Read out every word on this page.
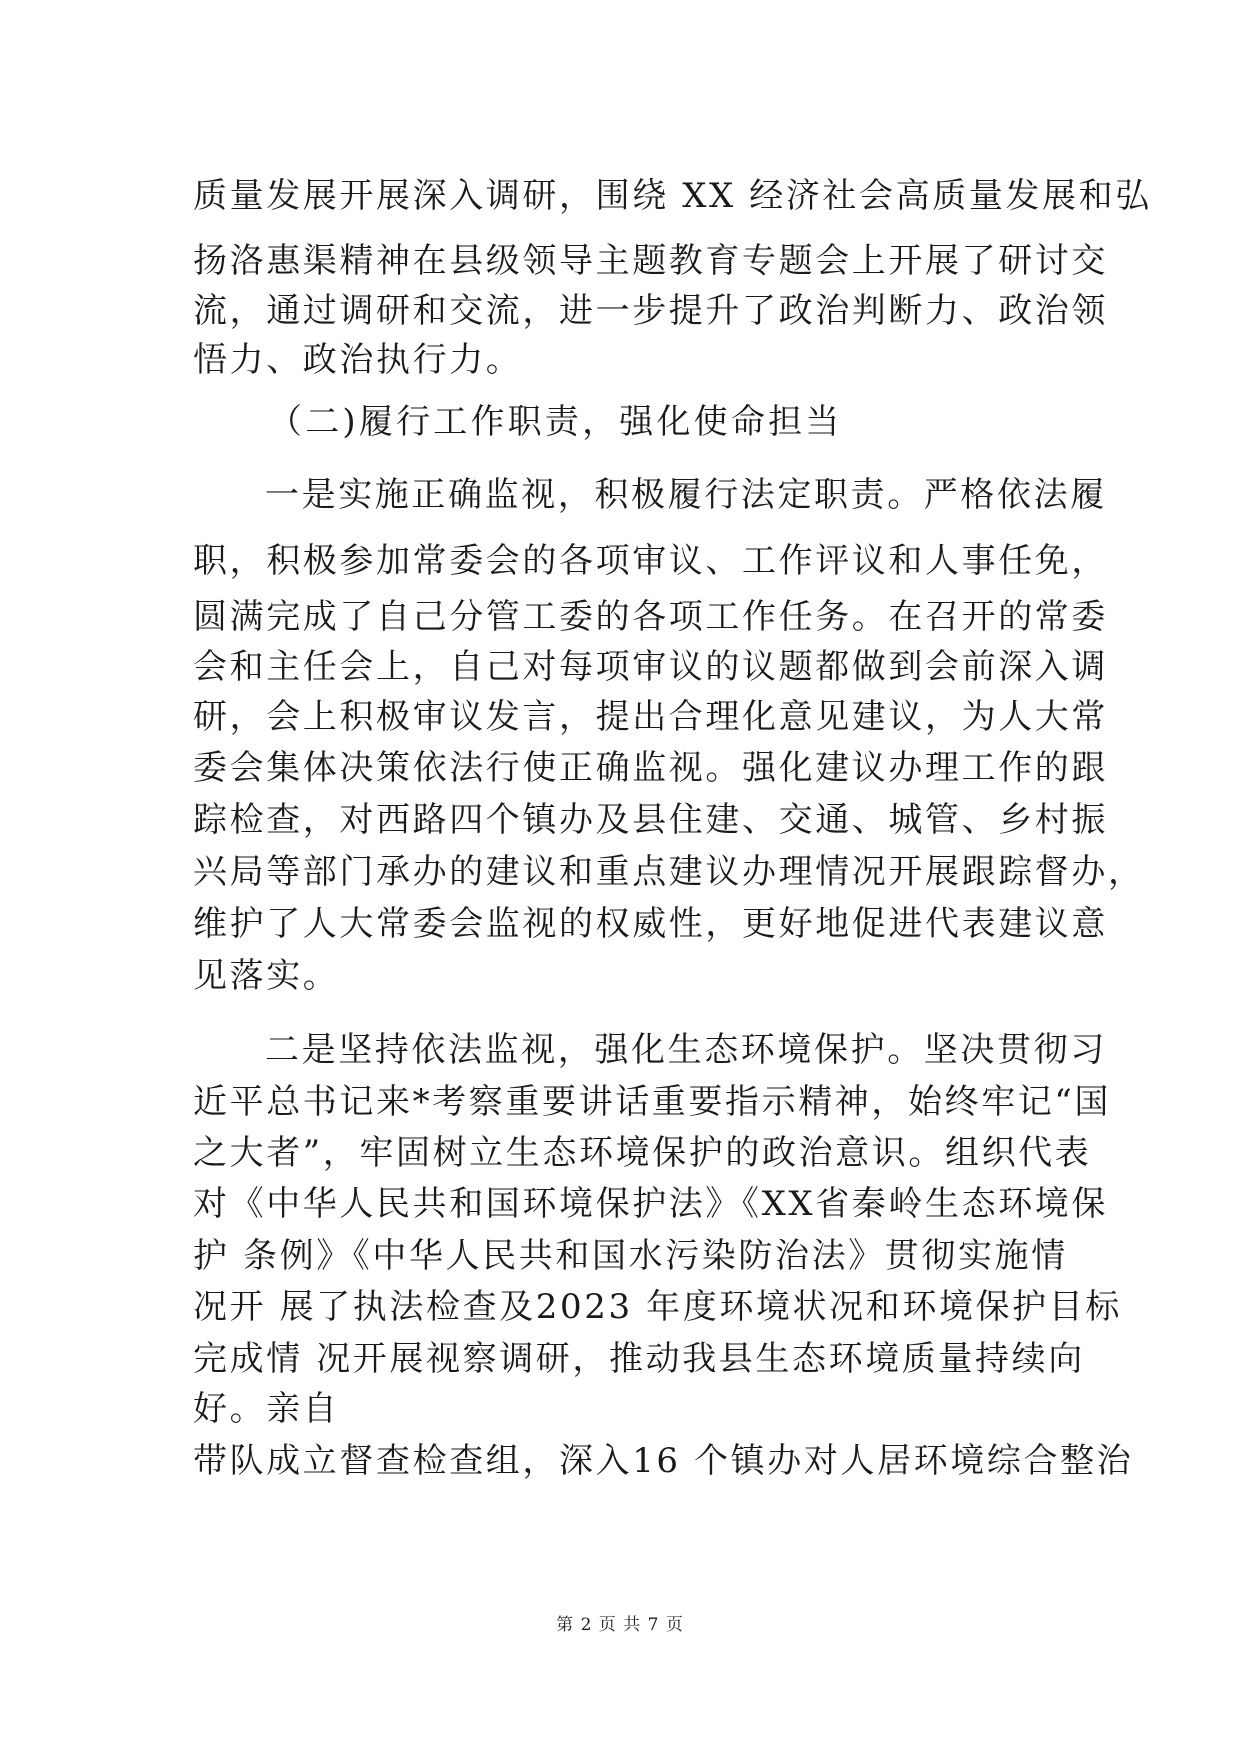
质量发展开展深入调研，围绕 XX 经济社会高质量发展和弘
扬洛惠渠精神在县级领导主题教育专题会上开展了研讨交
流，通过调研和交流，进一步提升了政治判断力、政治领
悟力、政治执行力。
（二)履行工作职责，强化使命担当
一是实施正确监视，积极履行法定职责。严格依法履
职，积极参加常委会的各项审议、工作评议和人事任免，
圆满完成了自己分管工委的各项工作任务。在召开的常委
会和主任会上，自己对每项审议的议题都做到会前深入调
研，会上积极审议发言，提出合理化意见建议，为人大常
委会集体决策依法行使正确监视。强化建议办理工作的跟
踪检查，对西路四个镇办及县住建、交通、城管、乡村振
兴局等部门承办的建议和重点建议办理情况开展跟踪督办，
维护了人大常委会监视的权威性，更好地促进代表建议意
见落实。
二是坚持依法监视，强化生态环境保护。坚决贯彻习
近平总书记来*考察重要讲话重要指示精神，始终牢记“国
之大者”，牢固树立生态环境保护的政治意识。组织代表
对《中华人民共和国环境保护法》《XX省秦岭生态环境保
护 条例》《中华人民共和国水污染防治法》贯彻实施情
况开 展了执法检查及2023 年度环境状况和环境保护目标
完成情 况开展视察调研，推动我县生态环境质量持续向
好。亲自
带队成立督查检查组，深入16 个镇办对人居环境综合整治
第 2 页 共 7 页
